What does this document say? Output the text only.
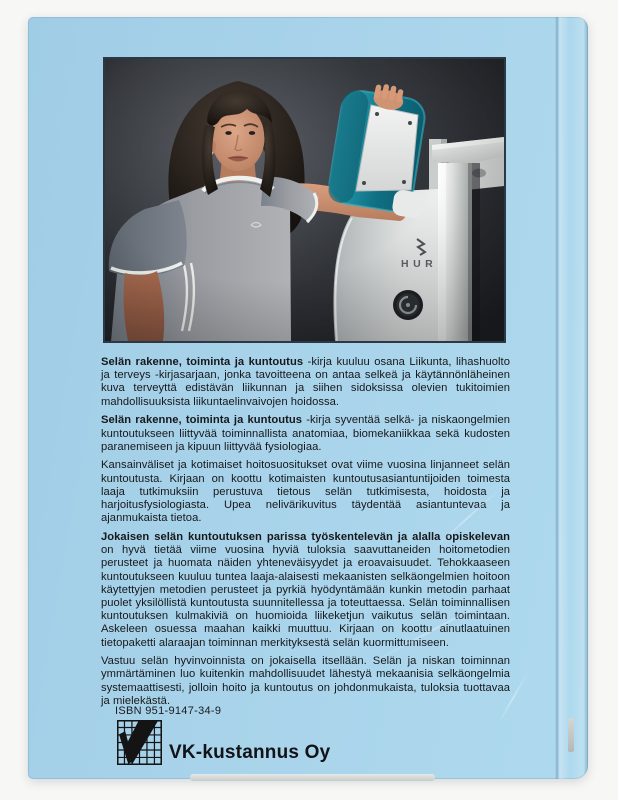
Selän rakenne, toiminta ja kuntoutus -kirja kuuluu osana Liikunta, lihashuolto ja terveys -kirjasarjaan, jonka tavoitteena on antaa selkeä ja käytännönläheinen kuva terveyttä edistävän liikunnan ja siihen sidoksissa olevien tukitoimien mahdollisuuksista liikuntaelinvaivojen hoidossa.

Selän rakenne, toiminta ja kuntoutus -kirja syventää selkä- ja niskaongelmien kuntoutukseen liittyvää toiminnallista anatomiaa, biomekaniikkaa sekä kudosten paranemiseen ja kipuun liittyvää fysiologiaa.

Kansainväliset ja kotimaiset hoitosuositukset ovat viime vuosina linjanneet selän kuntoutusta. Kirjaan on koottu kotimaisten kuntoutusasiantuntijoiden toimesta laaja tutkimuksiin perustuva tietous selän tutkimisesta, hoidosta ja harjoitusfysiologiasta. Upea nelivärikuvitus täydentää asiantuntevaa ja ajanmukaista tietoa.

Jokaisen selän kuntoutuksen parissa työskentelevän ja alalla opiskelevan on hyvä tietää viime vuosina hyviä tuloksia saavuttaneiden hoitometodien perusteet ja huomata näiden yhteneväisyydet ja eroavaisuudet. Tehokkaaseen kuntoutukseen kuuluu tuntea laaja-alaisesti mekaanisten selkäongelmien hoitoon käytettyjen metodien perusteet ja pyrkiä hyödyntämään kunkin metodin parhaat puolet yksilöllistä kuntoutusta suunnitellessa ja toteuttaessa. Selän toiminnallisen kuntoutuksen kulmakiviä on huomioida liikeketjun vaikutus selän toimintaan. Askeleen osuessa maahan kaikki muuttuu. Kirjaan on koottu ainutlaatuinen tietopaketti alaraajan toiminnan merkityksestä selän kuormittumiseen.

Vastuu selän hyvinvoinnista on jokaisella itsellään. Selän ja niskan toiminnan ymmärtäminen luo kuitenkin mahdollisuudet lähestyä mekaanisia selkäongelmia systemaattisesti, jolloin hoito ja kuntoutus on johdonmukaista, tuloksia tuottavaa ja mielekästä.

ISBN 951-9147-34-9
VK-kustannus Oy
